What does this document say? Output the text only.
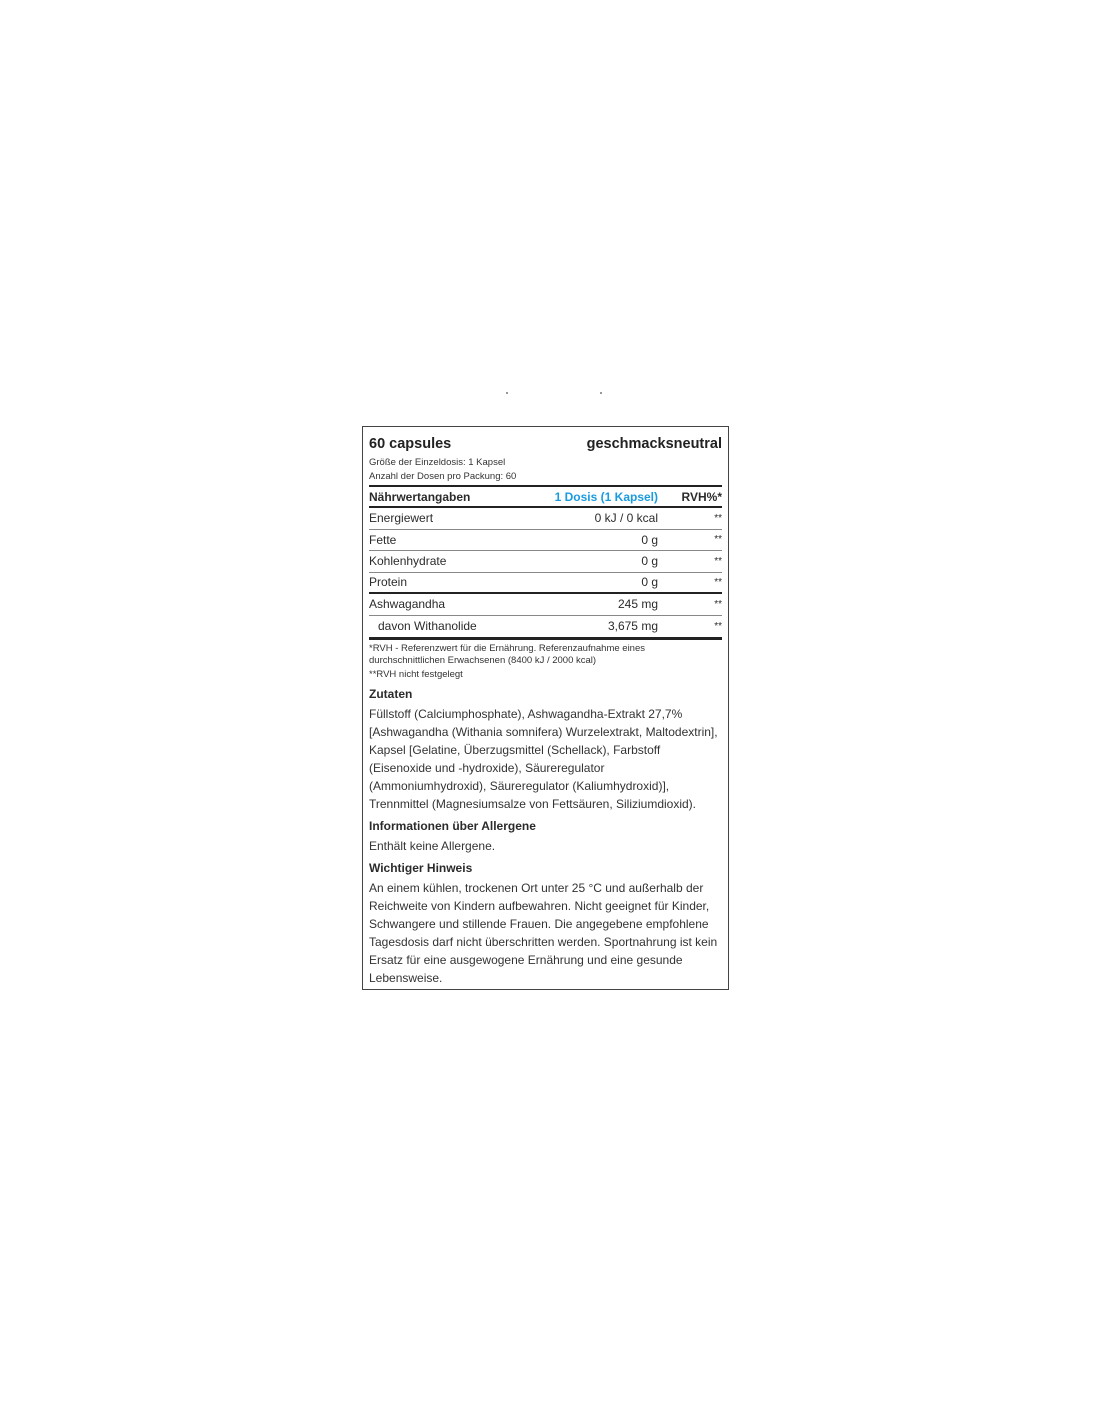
60 capsules	geschmacksneutral
Größe der Einzeldosis: 1 Kapsel
Anzahl der Dosen pro Packung: 60
Nährwertangaben	1 Dosis (1 Kapsel)	RVH%*
Energiewert	0 kJ / 0 kcal	**
Fette	0 g	**
Kohlenhydrate	0 g	**
Protein	0 g	**
Ashwagandha	245 mg	**
davon Withanolide	3,675 mg	**
*RVH - Referenzwert für die Ernährung. Referenzaufnahme eines durchschnittlichen Erwachsenen (8400 kJ / 2000 kcal)
**RVH nicht festgelegt
Zutaten
Füllstoff (Calciumphosphate), Ashwagandha-Extrakt 27,7% [Ashwagandha (Withania somnifera) Wurzelextrakt, Maltodextrin], Kapsel [Gelatine, Überzugsmittel (Schellack), Farbstoff (Eisenoxide und -hydroxide), Säureregulator (Ammoniumhydroxid), Säureregulator (Kaliumhydroxid)], Trennmittel (Magnesiumsalze von Fettsäuren, Siliziumdioxid).
Informationen über Allergene
Enthält keine Allergene.
Wichtiger Hinweis
An einem kühlen, trockenen Ort unter 25 °C und außerhalb der Reichweite von Kindern aufbewahren. Nicht geeignet für Kinder, Schwangere und stillende Frauen. Die angegebene empfohlene Tagesdosis darf nicht überschritten werden. Sportnahrung ist kein Ersatz für eine ausgewogene Ernährung und eine gesunde Lebensweise.
